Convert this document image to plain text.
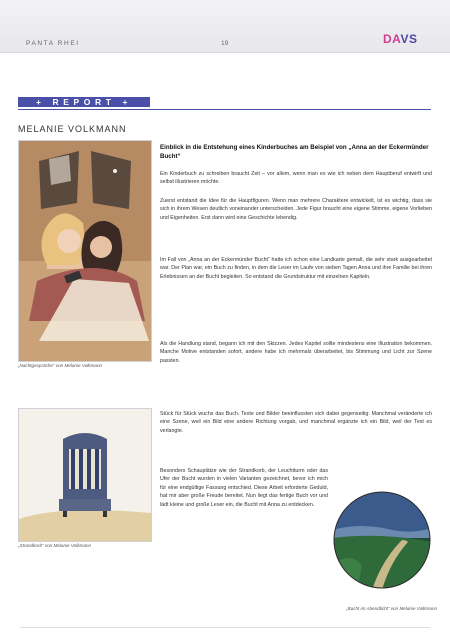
PANTA RHEI	19	DAVS
+ REPORT +
MELANIE VOLKMANN
„Nachtgespräche“ von Melanie Volkmann
„Strandkorb“ von Melanie Volkmann
„Bucht im Abendlicht“ von Melanie Volkmann
Einblick in die Entstehung eines Kinderbuches am Beispiel von „Anna an der Eckermünder Bucht“
Ein Kinderbuch zu schreiben braucht Zeit – vor allem, wenn man es wie ich neben dem Hauptberuf entwirft und selbst illustrieren möchte.
Zuerst entstand die Idee für die Hauptfiguren. Wenn man mehrere Charaktere entwickelt, ist es wichtig, dass sie sich in ihrem Wesen deutlich voneinander unterscheiden. Jede Figur braucht eine eigene Stimme, eigene Vorlieben und Eigenheiten. Erst dann wird eine Geschichte lebendig.
Im Fall von „Anna an der Eckermünder Bucht“ hatte ich schon eine Landkarte gemalt, die sehr stark ausgearbeitet war. Der Plan war, ein Buch zu finden, in dem die Leser im Laufe von sieben Tagen Anna und ihre Familie bei ihren Erlebnissen an der Bucht begleiten. So entstand die Grundstruktur mit einzelnen Kapiteln.
Als die Handlung stand, begann ich mit den Skizzen. Jedes Kapitel sollte mindestens eine Illustration bekommen. Manche Motive entstanden sofort, andere habe ich mehrmals überarbeitet, bis Stimmung und Licht zur Szene passten.
Stück für Stück wuchs das Buch. Texte und Bilder beeinflussten sich dabei gegenseitig: Manchmal veränderte ich eine Szene, weil ein Bild eine andere Richtung vorgab, und manchmal ergänzte ich ein Bild, weil der Text es verlangte.
Besonders Schauplätze wie der Strandkorb, der Leuchtturm oder das Ufer der Bucht wurden in vielen Varianten gezeichnet, bevor ich mich für eine endgültige Fassung entschied. Diese Arbeit erforderte Geduld, hat mir aber große Freude bereitet. Nun liegt das fertige Buch vor und lädt kleine und große Leser ein, die Bucht mit Anna zu entdecken.
